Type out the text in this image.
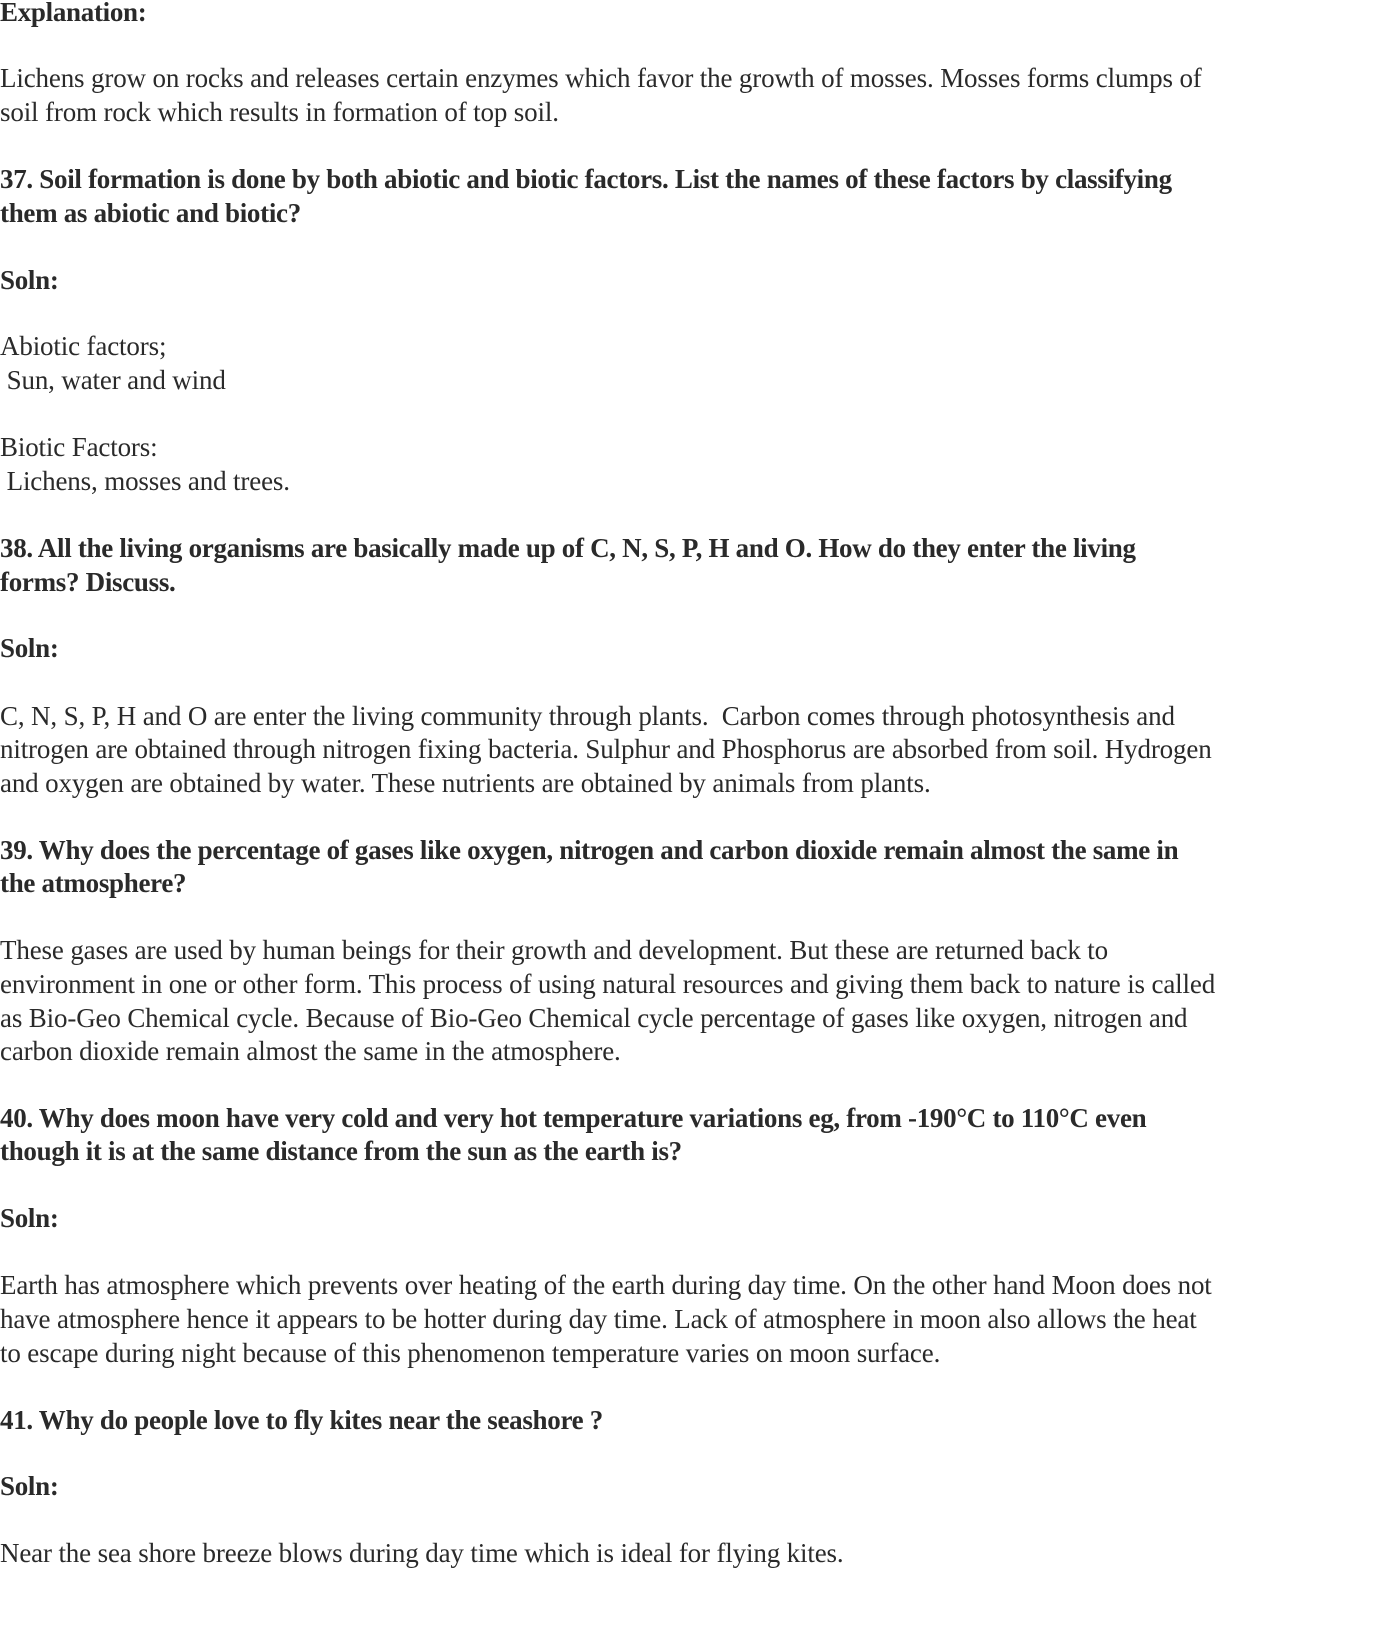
Explanation:
Lichens grow on rocks and releases certain enzymes which favor the growth of mosses. Mosses forms clumps of
soil from rock which results in formation of top soil.
37. Soil formation is done by both abiotic and biotic factors. List the names of these factors by classifying
them as abiotic and biotic?
Soln:
Abiotic factors;
Sun, water and wind
Biotic Factors:
Lichens, mosses and trees.
38. All the living organisms are basically made up of C, N, S, P, H and O. How do they enter the living
forms? Discuss.
Soln:
C, N, S, P, H and O are enter the living community through plants.  Carbon comes through photosynthesis and
nitrogen are obtained through nitrogen fixing bacteria. Sulphur and Phosphorus are absorbed from soil. Hydrogen
and oxygen are obtained by water. These nutrients are obtained by animals from plants.
39. Why does the percentage of gases like oxygen, nitrogen and carbon dioxide remain almost the same in
the atmosphere?
These gases are used by human beings for their growth and development. But these are returned back to
environment in one or other form. This process of using natural resources and giving them back to nature is called
as Bio-Geo Chemical cycle. Because of Bio-Geo Chemical cycle percentage of gases like oxygen, nitrogen and
carbon dioxide remain almost the same in the atmosphere.
40. Why does moon have very cold and very hot temperature variations eg, from -190°C to 110°C even
though it is at the same distance from the sun as the earth is?
Soln:
Earth has atmosphere which prevents over heating of the earth during day time. On the other hand Moon does not
have atmosphere hence it appears to be hotter during day time. Lack of atmosphere in moon also allows the heat
to escape during night because of this phenomenon temperature varies on moon surface.
41. Why do people love to fly kites near the seashore ?
Soln:
Near the sea shore breeze blows during day time which is ideal for flying kites.
